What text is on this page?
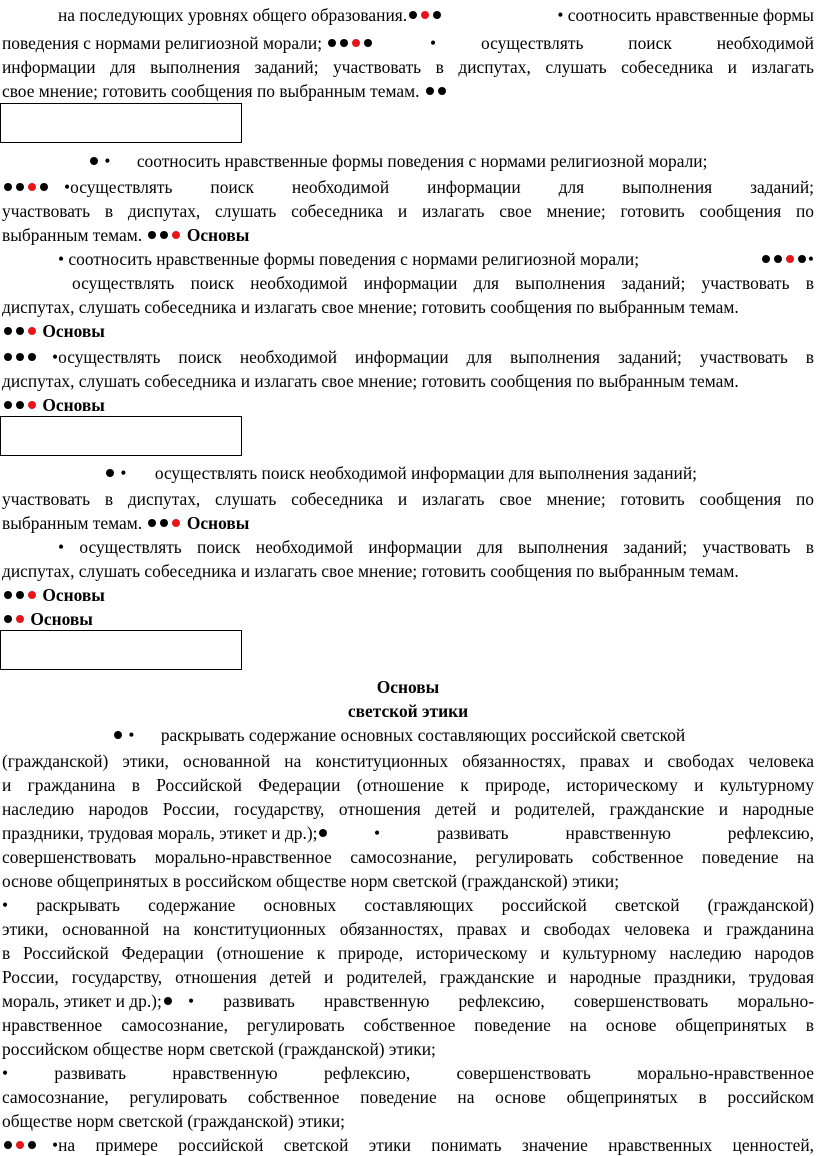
на последующих уровнях общего образования.	• соотносить нравственные формы
поведения с нормами религиозной морали;	• осуществлять поиск необходимой
информации для выполнения заданий; участвовать в диспутах, слушать собеседника и излагать
свое мнение; готовить сообщения по выбранным темам.
• соотносить нравственные формы поведения с нормами религиозной морали;
•осуществлять поиск необходимой информации для выполнения заданий;
участвовать в диспутах, слушать собеседника и излагать свое мнение; готовить сообщения по
выбранным темам.	Основы
• соотносить нравственные формы поведения с нормами религиозной морали;	•
осуществлять поиск необходимой информации для выполнения заданий; участвовать в
диспутах, слушать собеседника и излагать свое мнение; готовить сообщения по выбранным темам.
Основы
•осуществлять поиск необходимой информации для выполнения заданий; участвовать в
диспутах, слушать собеседника и излагать свое мнение; готовить сообщения по выбранным темам.
Основы
• осуществлять поиск необходимой информации для выполнения заданий;
участвовать в диспутах, слушать собеседника и излагать свое мнение; готовить сообщения по
выбранным темам.	Основы
• осуществлять поиск необходимой информации для выполнения заданий; участвовать в
диспутах, слушать собеседника и излагать свое мнение; готовить сообщения по выбранным темам.
Основы
Основы
Основы
светской этики
• раскрывать содержание основных составляющих российской светской
(гражданской) этики, основанной на конституционных обязанностях, правах и свободах человека
и гражданина в Российской Федерации (отношение к природе, историческому и культурному
наследию народов России, государству, отношения детей и родителей, гражданские и народные
праздники, трудовая мораль, этикет и др.);	• развивать нравственную рефлексию,
совершенствовать морально-нравственное самосознание, регулировать собственное поведение на
основе общепринятых в российском обществе норм светской (гражданской) этики;
• раскрывать содержание основных составляющих российской светской (гражданской)
этики, основанной на конституционных обязанностях, правах и свободах человека и гражданина
в Российской Федерации (отношение к природе, историческому и культурному наследию народов
России, государству, отношения детей и родителей, гражданские и народные праздники, трудовая
мораль, этикет и др.); • развивать нравственную рефлексию, совершенствовать морально-
нравственное самосознание, регулировать собственное поведение на основе общепринятых в
российском обществе норм светской (гражданской) этики;
• развивать нравственную рефлексию, совершенствовать морально-нравственное
самосознание, регулировать собственное поведение на основе общепринятых в российском
обществе норм светской (гражданской) этики;
•на примере российской светской этики понимать значение нравственных ценностей,
